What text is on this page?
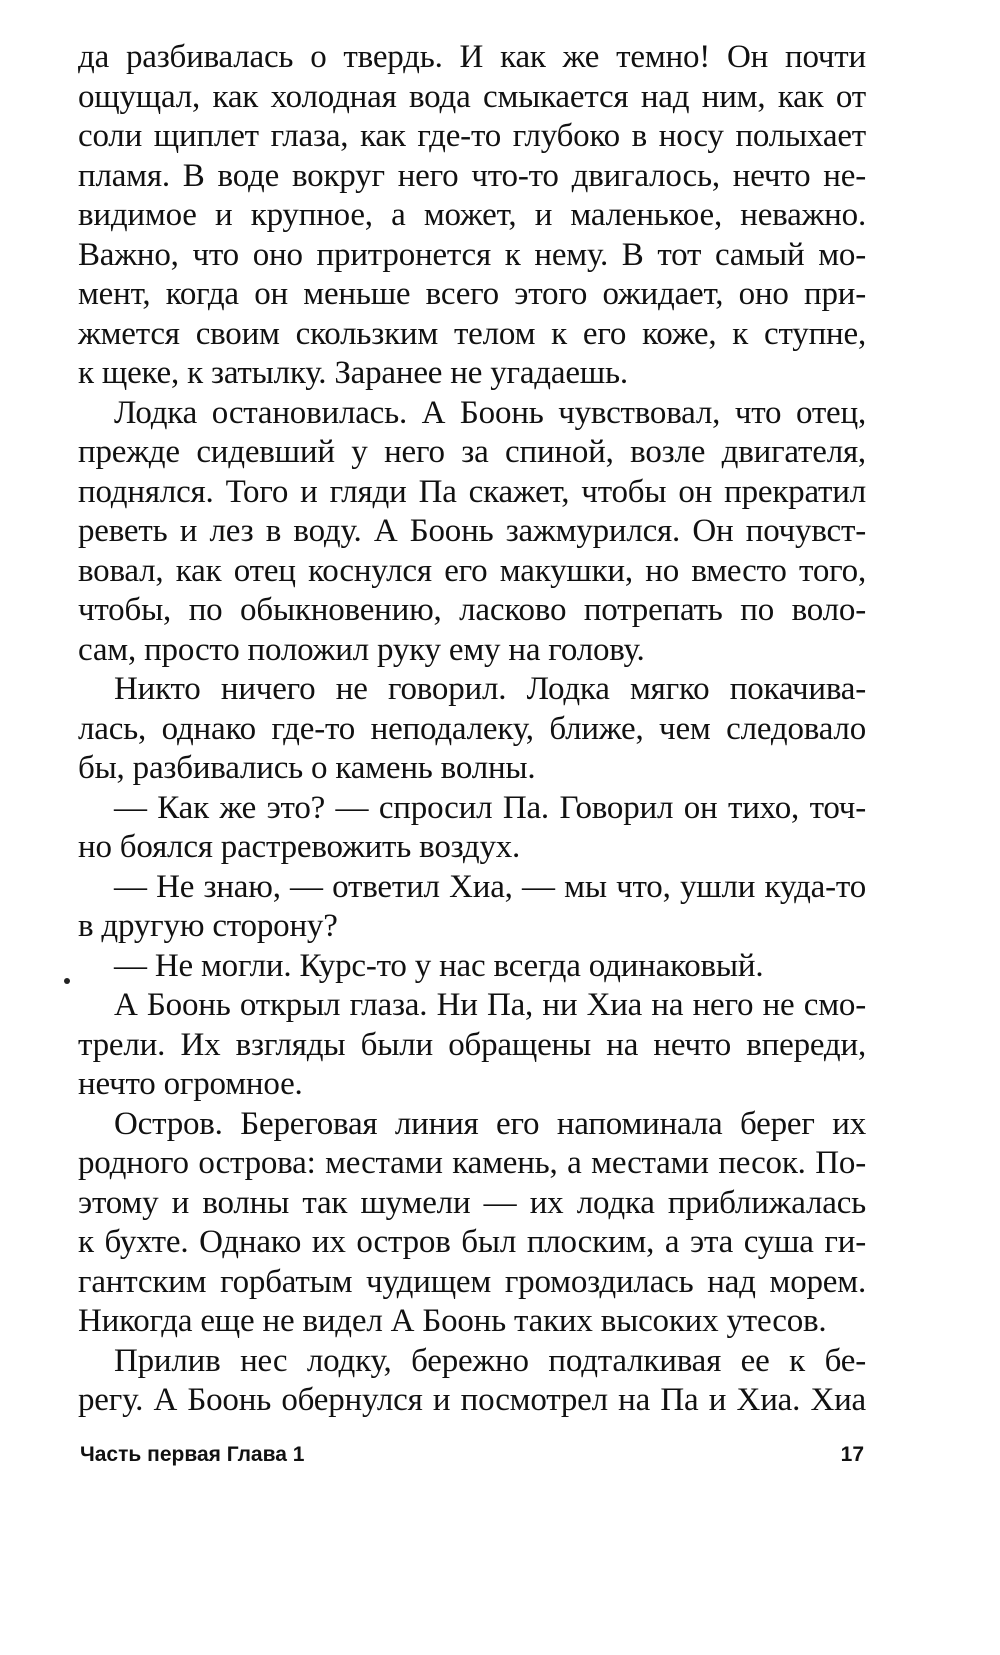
да разбивалась о твердь. И как же темно! Он почти
ощущал, как холодная вода смыкается над ним, как от
соли щиплет глаза, как где-то глубоко в носу полыхает
пламя. В воде вокруг него что-то двигалось, нечто не-
видимое и крупное, а может, и маленькое, неважно.
Важно, что оно притронется к нему. В тот самый мо-
мент, когда он меньше всего этого ожидает, оно при-
жмется своим скользким телом к его коже, к ступне,
к щеке, к затылку. Заранее не угадаешь.
Лодка остановилась. А Боонь чувствовал, что отец,
прежде сидевший у него за спиной, возле двигателя,
поднялся. Того и гляди Па скажет, чтобы он прекратил
реветь и лез в воду. А Боонь зажмурился. Он почувст-
вовал, как отец коснулся его макушки, но вместо того,
чтобы, по обыкновению, ласково потрепать по воло-
сам, просто положил руку ему на голову.
Никто ничего не говорил. Лодка мягко покачива-
лась, однако где-то неподалеку, ближе, чем следовало
бы, разбивались о камень волны.
— Как же это? — спросил Па. Говорил он тихо, точ-
но боялся растревожить воздух.
— Не знаю, — ответил Хиа, — мы что, ушли куда-то
в другую сторону?
— Не могли. Курс-то у нас всегда одинаковый.
А Боонь открыл глаза. Ни Па, ни Хиа на него не смо-
трели. Их взгляды были обращены на нечто впереди,
нечто огромное.
Остров. Береговая линия его напоминала берег их
родного острова: местами камень, а местами песок. По-
этому и волны так шумели — их лодка приближалась
к бухте. Однако их остров был плоским, а эта суша ги-
гантским горбатым чудищем громоздилась над морем.
Никогда еще не видел А Боонь таких высоких утесов.
Прилив нес лодку, бережно подталкивая ее к бе-
регу. А Боонь обернулся и посмотрел на Па и Хиа. Хиа
Часть первая Глава 1	17
